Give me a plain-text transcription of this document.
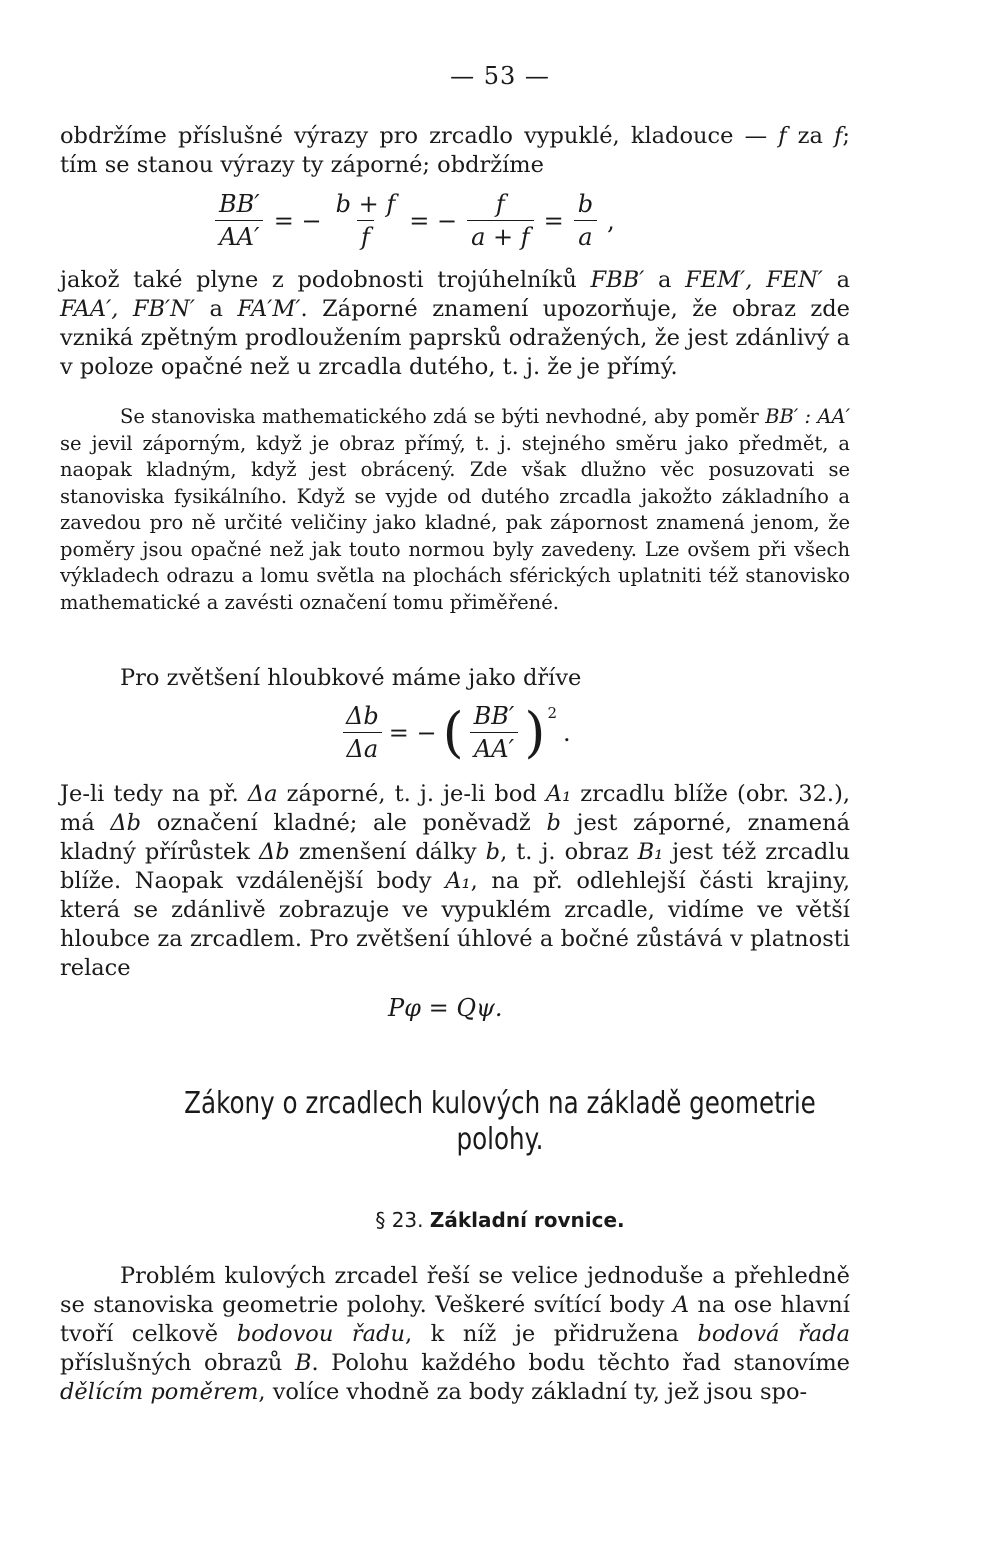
— 53 —

obdržíme příslušné výrazy pro zrcadlo vypuklé, kladouce — f za f; tím se stanou výrazy ty záporné; obdržíme

$\frac{BB'}{AA'}$ = − $\frac{b + f}{f}$ = − $\frac{f}{a + f} = \frac{b}{a}$ ,

jakož také plyne z podobnosti trojúhelníků FBB′ a FEM′, FEN′ a FAA′, FB′N′ a FA′M′. Záporné znamení upozorňuje, že obraz zde vzniká zpětným prodloužením paprsků odražených, že jest zdánlivý a v poloze opačné než u zrcadla dutého, t. j. že je přímý.

Se stanoviska mathematického zdá se býti nevhodné, aby poměr BB′ : AA′ se jevil záporným, když je obraz přímý, t. j. stejného směru jako předmět, a naopak kladným, když jest obrácený. Zde však dlužno věc posuzovati se stanoviska fysikálního. Když se vyjde od dutého zrcadla jakožto základního a zavedou pro ně určité veličiny jako kladné, pak zápornost znamená jenom, že poměry jsou opačné než jak touto normou byly zavedeny. Lze ovšem při všech výkladech odrazu a lomu světla na plochách sférických uplatniti též stanovisko mathematické a zavésti označení tomu přiměřené.

Pro zvětšení hloubkové máme jako dříve

$\frac{\Delta b}{\Delta a}$ = − ( $\frac{BB'}{AA'} )^2$
.

Je-li tedy na př. Δa záporné, t. j. je-li bod A₁ zrcadlu blíže (obr. 32.), má Δb označení kladné; ale poněvadž b jest záporné, znamená kladný přírůstek Δb zmenšení dálky b, t. j. obraz B₁ jest též zrcadlu blíže. Naopak vzdálenější body A₁, na př. odlehlejší části krajiny, která se zdánlivě zobrazuje ve vypuklém zrcadle, vidíme ve větší hloubce za zrcadlem. Pro zvětšení úhlové a bočné zůstává v platnosti relace

Pφ = Qψ.
Zákony o zrcadlech kulových na základě geometrie polohy.

§ 23. Základní rovnice.

Problém kulových zrcadel řeší se velice jednoduše a přehledně se stanoviska geometrie polohy. Veškeré svítící body A na ose hlavní tvoří celkově bodovou řadu, k níž je přidružena bodová řada příslušných obrazů B. Polohu každého bodu těchto řad stanovíme dělícím poměrem, volíce vhodně za body základní ty, jež jsou spo-
